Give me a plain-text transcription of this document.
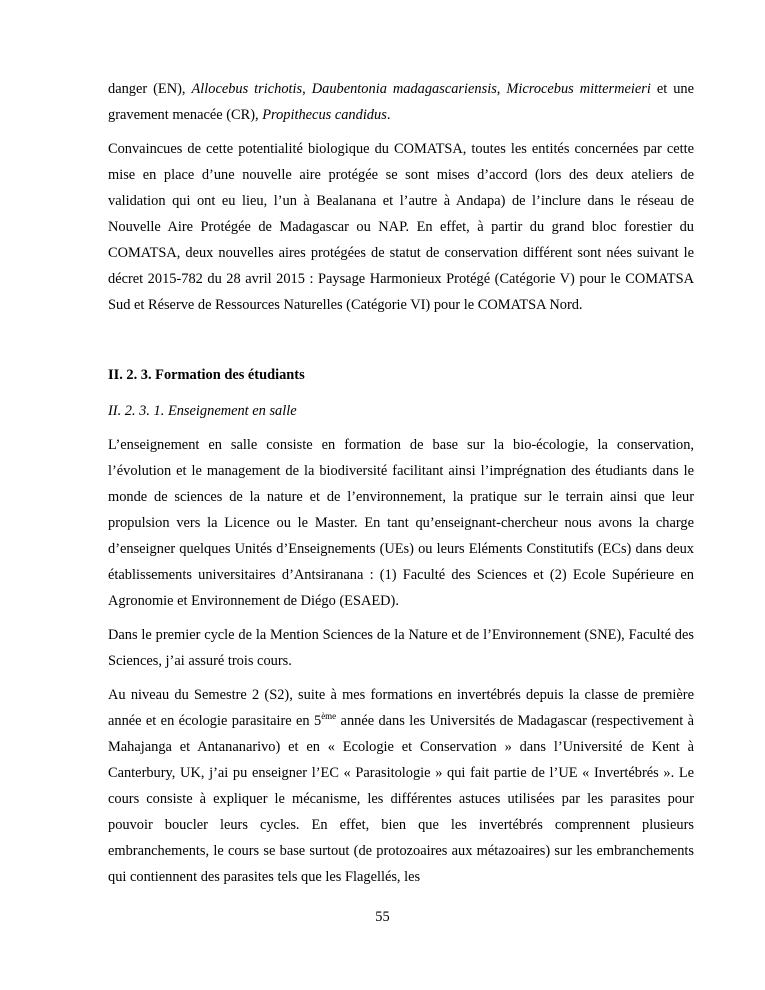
danger (EN), Allocebus trichotis, Daubentonia madagascariensis, Microcebus mittermeieri et une gravement menacée (CR), Propithecus candidus.

Convaincues de cette potentialité biologique du COMATSA, toutes les entités concernées par cette mise en place d’une nouvelle aire protégée se sont mises d’accord (lors des deux ateliers de validation qui ont eu lieu, l’un à Bealanana et l’autre à Andapa) de l’inclure dans le réseau de Nouvelle Aire Protégée de Madagascar ou NAP. En effet, à partir du grand bloc forestier du COMATSA, deux nouvelles aires protégées de statut de conservation différent sont nées suivant le décret 2015-782 du 28 avril 2015 : Paysage Harmonieux Protégé (Catégorie V) pour le COMATSA Sud et Réserve de Ressources Naturelles (Catégorie VI) pour le COMATSA Nord.

II. 2. 3. Formation des étudiants
II. 2. 3. 1. Enseignement en salle

L’enseignement en salle consiste en formation de base sur la bio-écologie, la conservation, l’évolution et le management de la biodiversité facilitant ainsi l’imprégnation des étudiants dans le monde de sciences de la nature et de l’environnement, la pratique sur le terrain ainsi que leur propulsion vers la Licence ou le Master. En tant qu’enseignant-chercheur nous avons la charge d’enseigner quelques Unités d’Enseignements (UEs) ou leurs Eléments Constitutifs (ECs) dans deux établissements universitaires d’Antsiranana : (1) Faculté des Sciences et (2) Ecole Supérieure en Agronomie et Environnement de Diégo (ESAED).

Dans le premier cycle de la Mention Sciences de la Nature et de l’Environnement (SNE), Faculté des Sciences, j’ai assuré trois cours.

Au niveau du Semestre 2 (S2), suite à mes formations en invertébrés depuis la classe de première année et en écologie parasitaire en 5ème année dans les Universités de Madagascar (respectivement à Mahajanga et Antananarivo) et en « Ecologie et Conservation » dans l’Université de Kent à Canterbury, UK, j’ai pu enseigner l’EC « Parasitologie » qui fait partie de l’UE « Invertébrés ». Le cours consiste à expliquer le mécanisme, les différentes astuces utilisées par les parasites pour pouvoir boucler leurs cycles. En effet, bien que les invertébrés comprennent plusieurs embranchements, le cours se base surtout (de protozoaires aux métazoaires) sur les embranchements qui contiennent des parasites tels que les Flagellés, les

55
